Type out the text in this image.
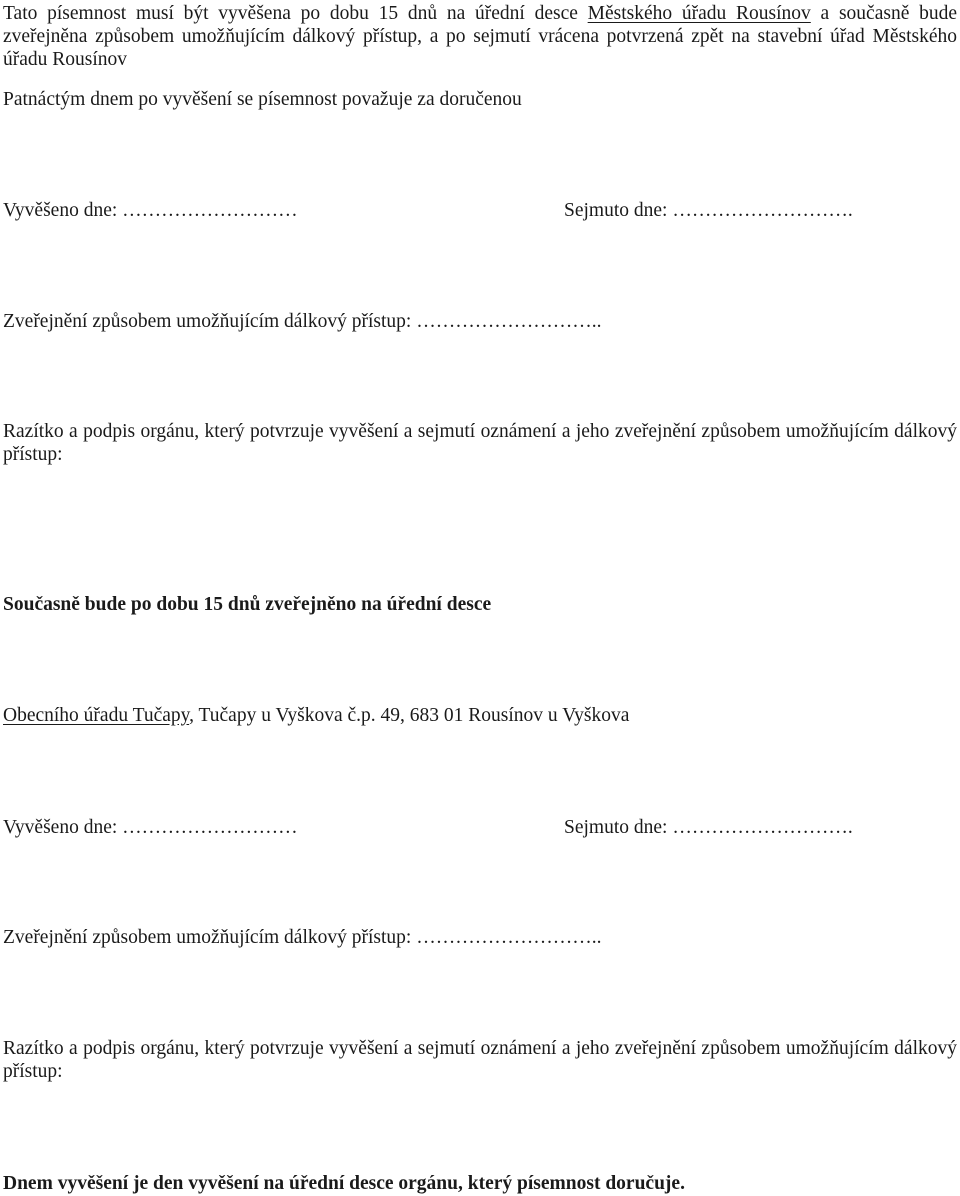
Tato písemnost musí být vyvěšena po dobu 15 dnů na úřední desce Městského úřadu Rousínov a současně bude zveřejněna způsobem umožňujícím dálkový přístup, a po sejmutí vrácena potvrzená zpět na stavební úřad Městského úřadu Rousínov

Patnáctým dnem po vyvěšení se písemnost považuje za doručenou

Vyvěšeno dne: ………………………	Sejmuto dne: ……………………….

Zveřejnění způsobem umožňujícím dálkový přístup: ………………………..

Razítko a podpis orgánu, který potvrzuje vyvěšení a sejmutí oznámení a jeho zveřejnění způsobem umožňujícím dálkový přístup:

Současně bude po dobu 15 dnů zveřejněno na úřední desce

Obecního úřadu Tučapy, Tučapy u Vyškova č.p. 49, 683 01 Rousínov u Vyškova

Vyvěšeno dne: ………………………	Sejmuto dne: ……………………….

Zveřejnění způsobem umožňujícím dálkový přístup: ………………………..

Razítko a podpis orgánu, který potvrzuje vyvěšení a sejmutí oznámení a jeho zveřejnění způsobem umožňujícím dálkový přístup:

Dnem vyvěšení je den vyvěšení na úřední desce orgánu, který písemnost doručuje.
